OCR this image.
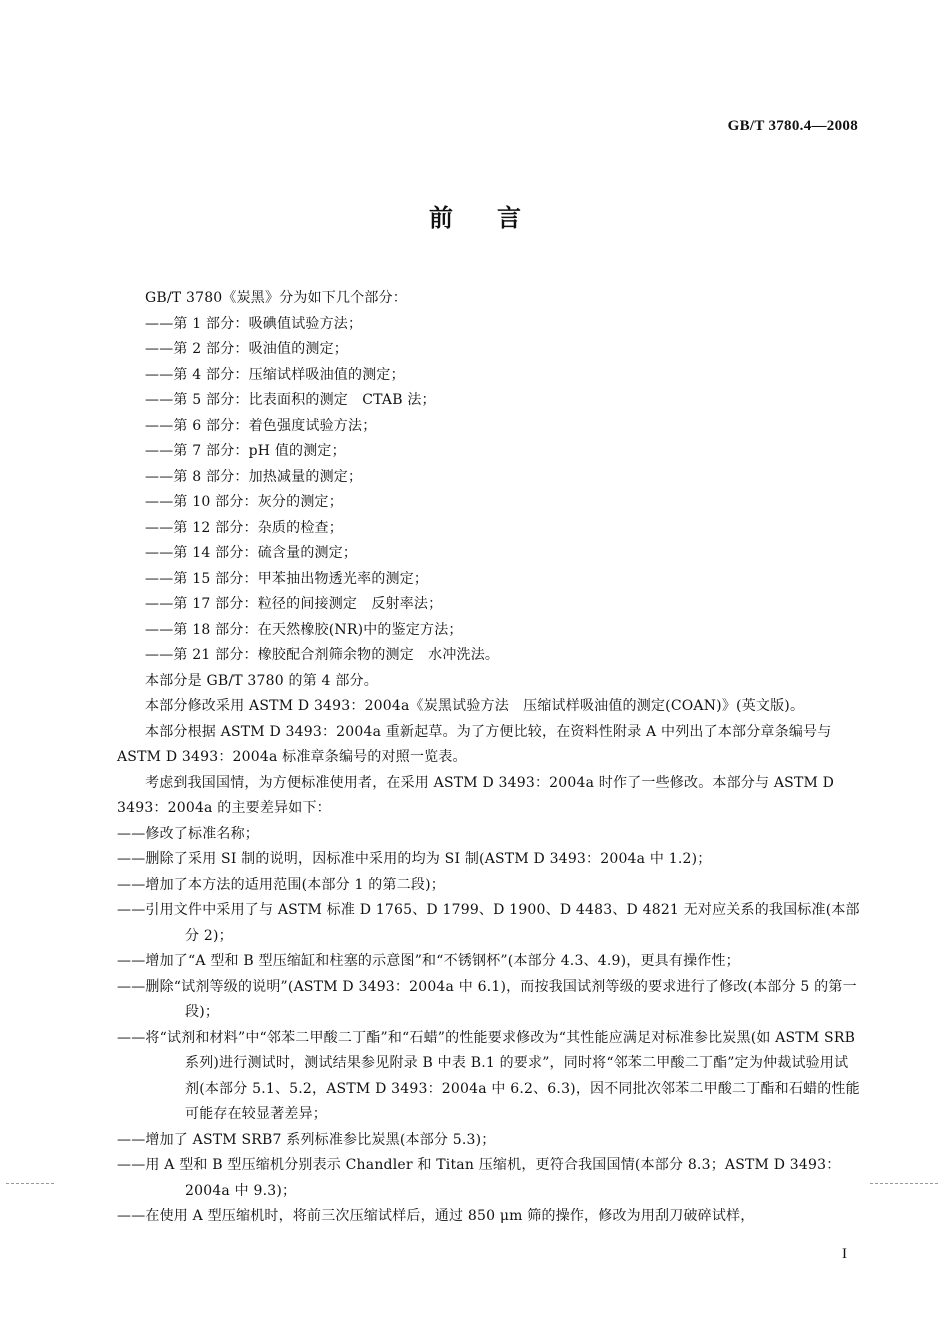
GB/T 3780.4—2008
前言

GB/T 3780《炭黑》分为如下几个部分：

——第 1 部分：吸碘值试验方法；

——第 2 部分：吸油值的测定；

——第 4 部分：压缩试样吸油值的测定；

——第 5 部分：比表面积的测定　CTAB 法；

——第 6 部分：着色强度试验方法；

——第 7 部分：pH 值的测定；

——第 8 部分：加热减量的测定；

——第 10 部分：灰分的测定；

——第 12 部分：杂质的检查；

——第 14 部分：硫含量的测定；

——第 15 部分：甲苯抽出物透光率的测定；

——第 17 部分：粒径的间接测定　反射率法；

——第 18 部分：在天然橡胶(NR)中的鉴定方法；

——第 21 部分：橡胶配合剂筛余物的测定　水冲洗法。

本部分是 GB/T 3780 的第 4 部分。

本部分修改采用 ASTM D 3493：2004a《炭黑试验方法　压缩试样吸油值的测定(COAN)》(英文版)。

本部分根据 ASTM D 3493：2004a 重新起草。为了方便比较，在资料性附录 A 中列出了本部分章条编号与 ASTM D 3493：2004a 标准章条编号的对照一览表。

考虑到我国国情，为方便标准使用者，在采用 ASTM D 3493：2004a 时作了一些修改。本部分与 ASTM D 3493：2004a 的主要差异如下：

——修改了标准名称；

——删除了采用 SI 制的说明，因标准中采用的均为 SI 制(ASTM D 3493：2004a 中 1.2)；

——增加了本方法的适用范围(本部分 1 的第二段)；

——引用文件中采用了与 ASTM 标准 D 1765、D 1799、D 1900、D 4483、D 4821 无对应关系的我国标准(本部分 2)；

——增加了“A 型和 B 型压缩缸和柱塞的示意图”和“不锈钢杯”(本部分 4.3、4.9)，更具有操作性；

——删除“试剂等级的说明”(ASTM D 3493：2004a 中 6.1)，而按我国试剂等级的要求进行了修改(本部分 5 的第一段)；

——将“试剂和材料”中“邻苯二甲酸二丁酯”和“石蜡”的性能要求修改为“其性能应满足对标准参比炭黑(如 ASTM SRB 系列)进行测试时，测试结果参见附录 B 中表 B.1 的要求”，同时将“邻苯二甲酸二丁酯”定为仲裁试验用试剂(本部分 5.1、5.2，ASTM D 3493：2004a 中 6.2、6.3)，因不同批次邻苯二甲酸二丁酯和石蜡的性能可能存在较显著差异；

——增加了 ASTM SRB7 系列标准参比炭黑(本部分 5.3)；

——用 A 型和 B 型压缩机分别表示 Chandler 和 Titan 压缩机，更符合我国国情(本部分 8.3；ASTM D 3493：2004a 中 9.3)；

——在使用 A 型压缩机时，将前三次压缩试样后，通过 850 μm 筛的操作，修改为用刮刀破碎试样，

I
